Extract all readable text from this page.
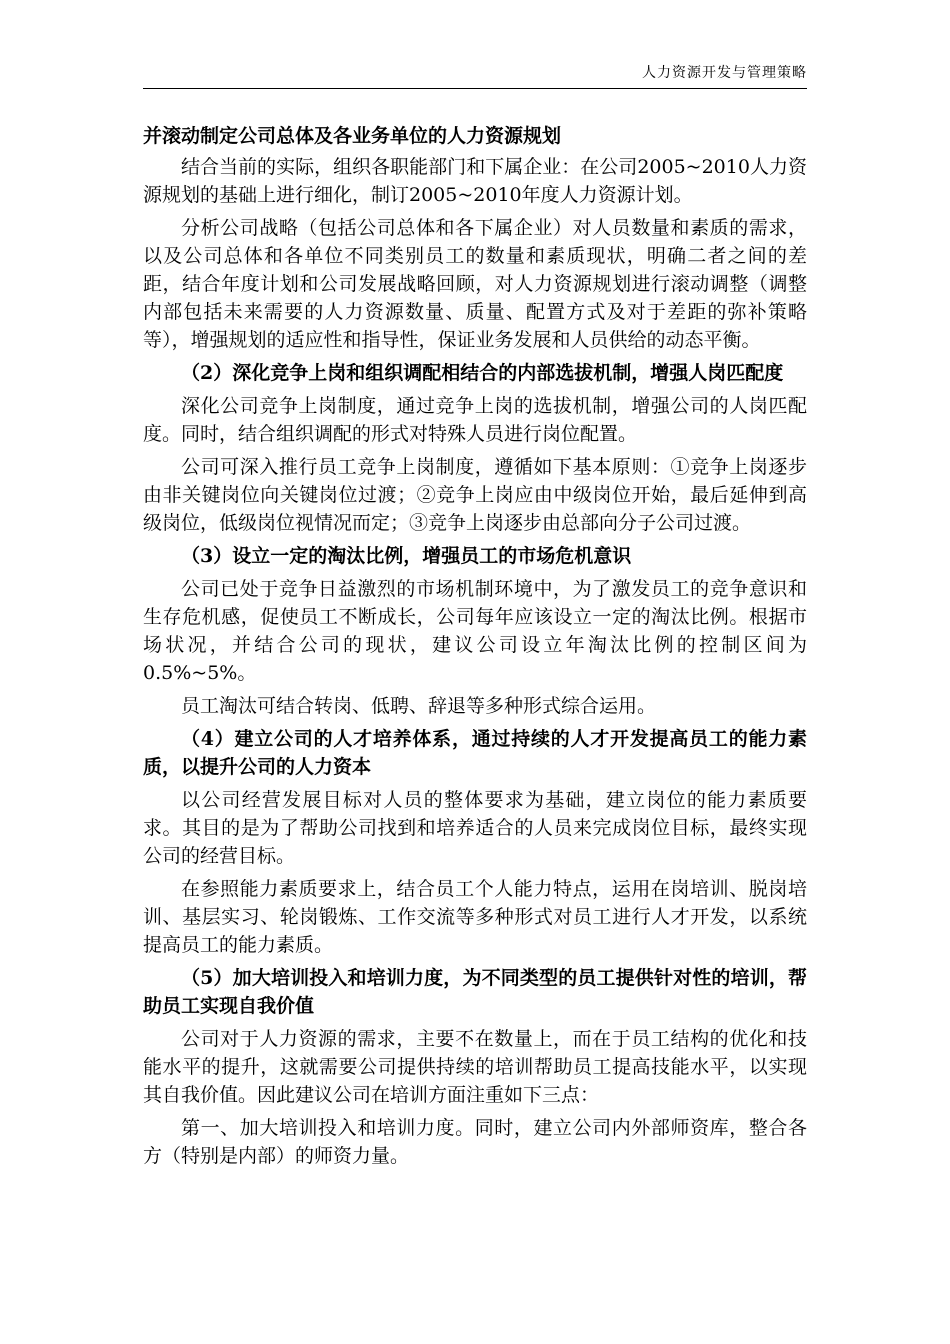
人力资源开发与管理策略

并滚动制定公司总体及各业务单位的人力资源规划

结合当前的实际，组织各职能部门和下属企业：在公司2005~2010人力资源规划的基础上进行细化，制订2005~2010年度人力资源计划。

分析公司战略（包括公司总体和各下属企业）对人员数量和素质的需求，以及公司总体和各单位不同类别员工的数量和素质现状，明确二者之间的差距，结合年度计划和公司发展战略回顾，对人力资源规划进行滚动调整（调整内部包括未来需要的人力资源数量、质量、配置方式及对于差距的弥补策略等），增强规划的适应性和指导性，保证业务发展和人员供给的动态平衡。

（2）深化竞争上岗和组织调配相结合的内部选拔机制，增强人岗匹配度

深化公司竞争上岗制度，通过竞争上岗的选拔机制，增强公司的人岗匹配度。同时，结合组织调配的形式对特殊人员进行岗位配置。

公司可深入推行员工竞争上岗制度，遵循如下基本原则：①竞争上岗逐步由非关键岗位向关键岗位过渡；②竞争上岗应由中级岗位开始，最后延伸到高级岗位，低级岗位视情况而定；③竞争上岗逐步由总部向分子公司过渡。

（3）设立一定的淘汰比例，增强员工的市场危机意识

公司已处于竞争日益激烈的市场机制环境中，为了激发员工的竞争意识和生存危机感，促使员工不断成长，公司每年应该设立一定的淘汰比例。根据市场状况，并结合公司的现状，建议公司设立年淘汰比例的控制区间为0.5%~5%。

员工淘汰可结合转岗、低聘、辞退等多种形式综合运用。

（4）建立公司的人才培养体系，通过持续的人才开发提高员工的能力素质，以提升公司的人力资本

以公司经营发展目标对人员的整体要求为基础，建立岗位的能力素质要求。其目的是为了帮助公司找到和培养适合的人员来完成岗位目标，最终实现公司的经营目标。

在参照能力素质要求上，结合员工个人能力特点，运用在岗培训、脱岗培训、基层实习、轮岗锻炼、工作交流等多种形式对员工进行人才开发，以系统提高员工的能力素质。

（5）加大培训投入和培训力度，为不同类型的员工提供针对性的培训，帮助员工实现自我价值

公司对于人力资源的需求，主要不在数量上，而在于员工结构的优化和技能水平的提升，这就需要公司提供持续的培训帮助员工提高技能水平，以实现其自我价值。因此建议公司在培训方面注重如下三点：

第一、加大培训投入和培训力度。同时，建立公司内外部师资库，整合各方（特别是内部）的师资力量。
